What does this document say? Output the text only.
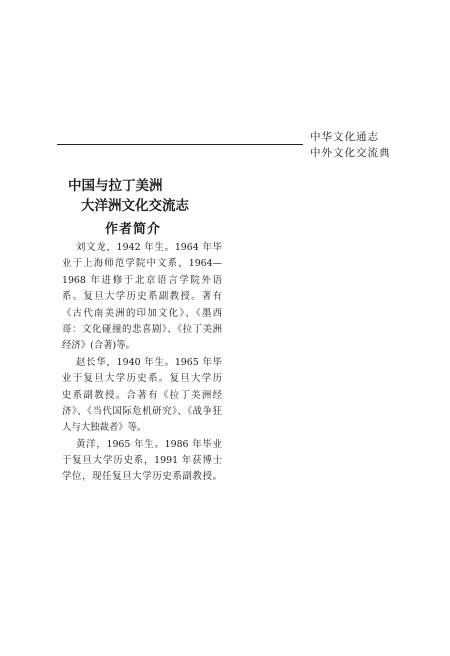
中华文化通志
中外文化交流典
中国与拉丁美洲
大洋洲文化交流志
作者简介
刘文龙，1942 年生。1964 年毕
业于上海师范学院中文系，1964—
1968 年进修于北京语言学院外语
系。复旦大学历史系副教授。著有
《古代南美洲的印加文化》、《墨西
哥：文化碰撞的悲喜剧》、《拉丁美洲
经济》(合著)等。
赵长华，1940 年生。1965 年毕
业于复旦大学历史系。复旦大学历
史系副教授。合著有《拉丁美洲经
济》、《当代国际危机研究》、《战争狂
人与大独裁者》等。
黄洋，1965 年生。1986 年毕业
于复旦大学历史系，1991 年获博士
学位，现任复旦大学历史系副教授。
